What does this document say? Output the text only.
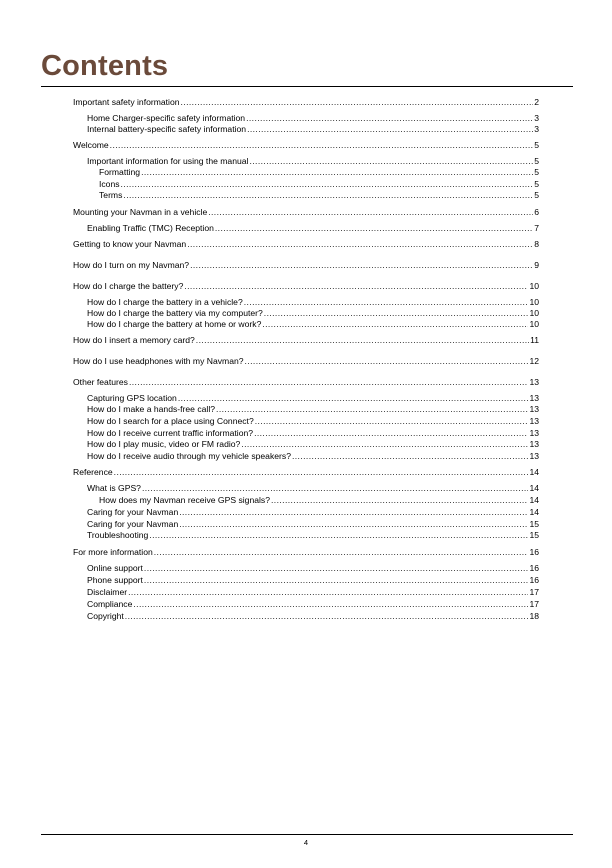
Contents
Important safety information .....	2
Home Charger-specific safety information .....	3
Internal battery-specific safety information .....	3
Welcome .....	5
Important information for using the manual .....	5
Formatting .....	5
Icons .....	5
Terms .....	5
Mounting your Navman in a vehicle .....	6
Enabling Traffic (TMC) Reception .....	7
Getting to know your Navman .....	8
How do I turn on my Navman? .....	9
How do I charge the battery? .....	10
How do I charge the battery in a vehicle? .....	10
How do I charge the battery via my computer? .....	10
How do I charge the battery at home or work? .....	10
How do I insert a memory card? .....	11
How do I use headphones with my Navman? .....	12
Other features .....	13
Capturing GPS location .....	13
How do I make a hands-free call? .....	13
How do I search for a place using Connect? .....	13
How do I receive current traffic information? .....	13
How do I play music, video or FM radio? .....	13
How do I receive audio through my vehicle speakers? .....	13
Reference .....	14
What is GPS? .....	14
How does my Navman receive GPS signals? .....	14
Caring for your Navman .....	14
Caring for your Navman .....	15
Troubleshooting .....	15
For more information .....	16
Online support .....	16
Phone support .....	16
Disclaimer .....	17
Compliance .....	17
Copyright .....	18
4
